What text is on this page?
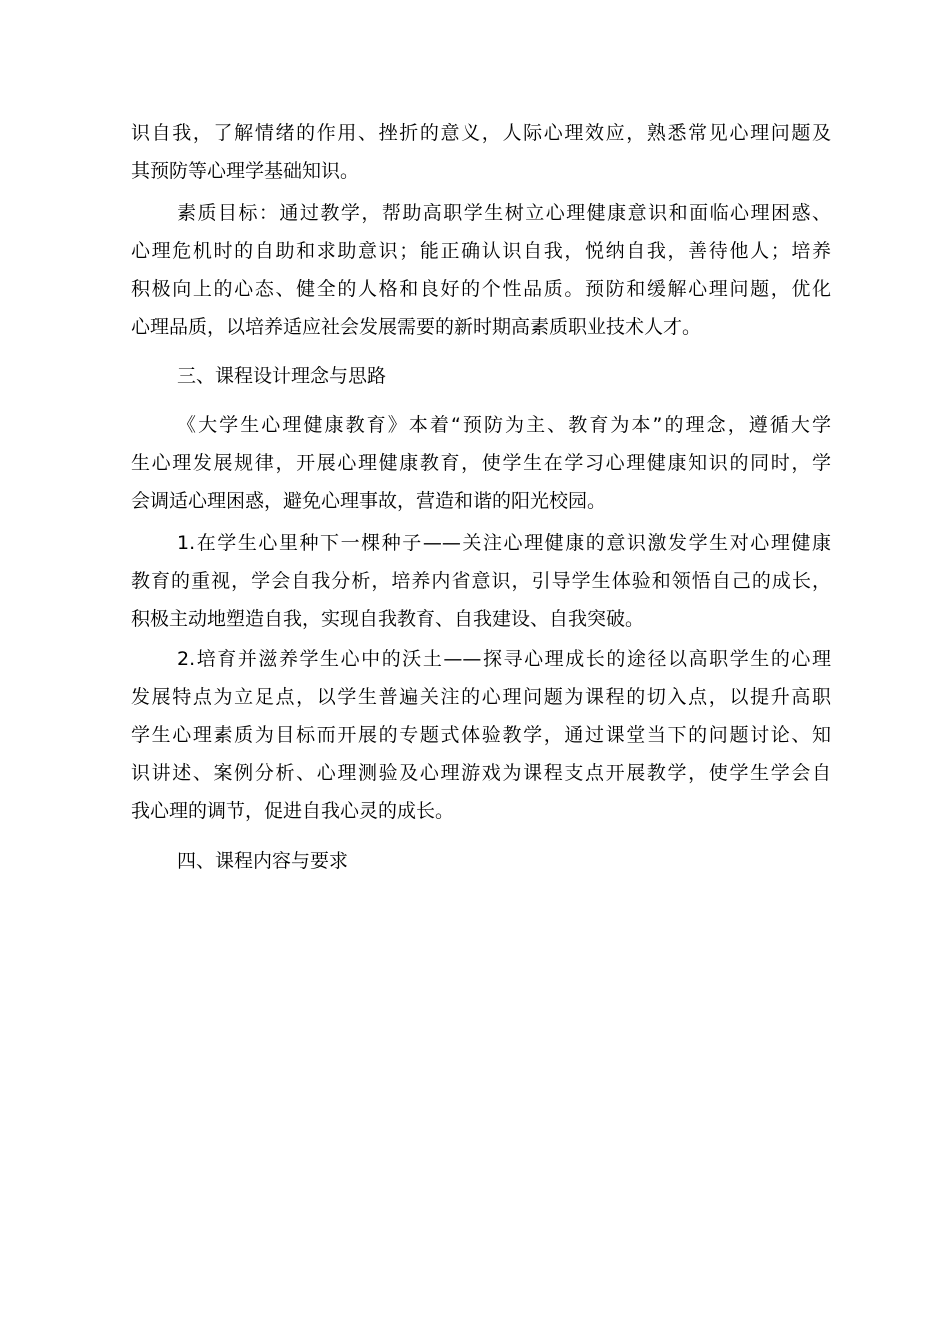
识自我，了解情绪的作用、挫折的意义，人际心理效应，熟悉常见心理问题及
其预防等心理学基础知识。
素质目标：通过教学，帮助高职学生树立心理健康意识和面临心理困惑、
心理危机时的自助和求助意识；能正确认识自我，悦纳自我，善待他人；培养
积极向上的心态、健全的人格和良好的个性品质。预防和缓解心理问题，优化
心理品质，以培养适应社会发展需要的新时期高素质职业技术人才。
三、课程设计理念与思路
《大学生心理健康教育》本着“预防为主、教育为本”的理念，遵循大学
生心理发展规律，开展心理健康教育，使学生在学习心理健康知识的同时，学
会调适心理困惑，避免心理事故，营造和谐的阳光校园。
1.在学生心里种下一棵种子——关注心理健康的意识激发学生对心理健康
教育的重视，学会自我分析，培养内省意识，引导学生体验和领悟自己的成长，
积极主动地塑造自我，实现自我教育、自我建设、自我突破。
2.培育并滋养学生心中的沃土——探寻心理成长的途径以高职学生的心理
发展特点为立足点，以学生普遍关注的心理问题为课程的切入点，以提升高职
学生心理素质为目标而开展的专题式体验教学，通过课堂当下的问题讨论、知
识讲述、案例分析、心理测验及心理游戏为课程支点开展教学，使学生学会自
我心理的调节，促进自我心灵的成长。
四、课程内容与要求
